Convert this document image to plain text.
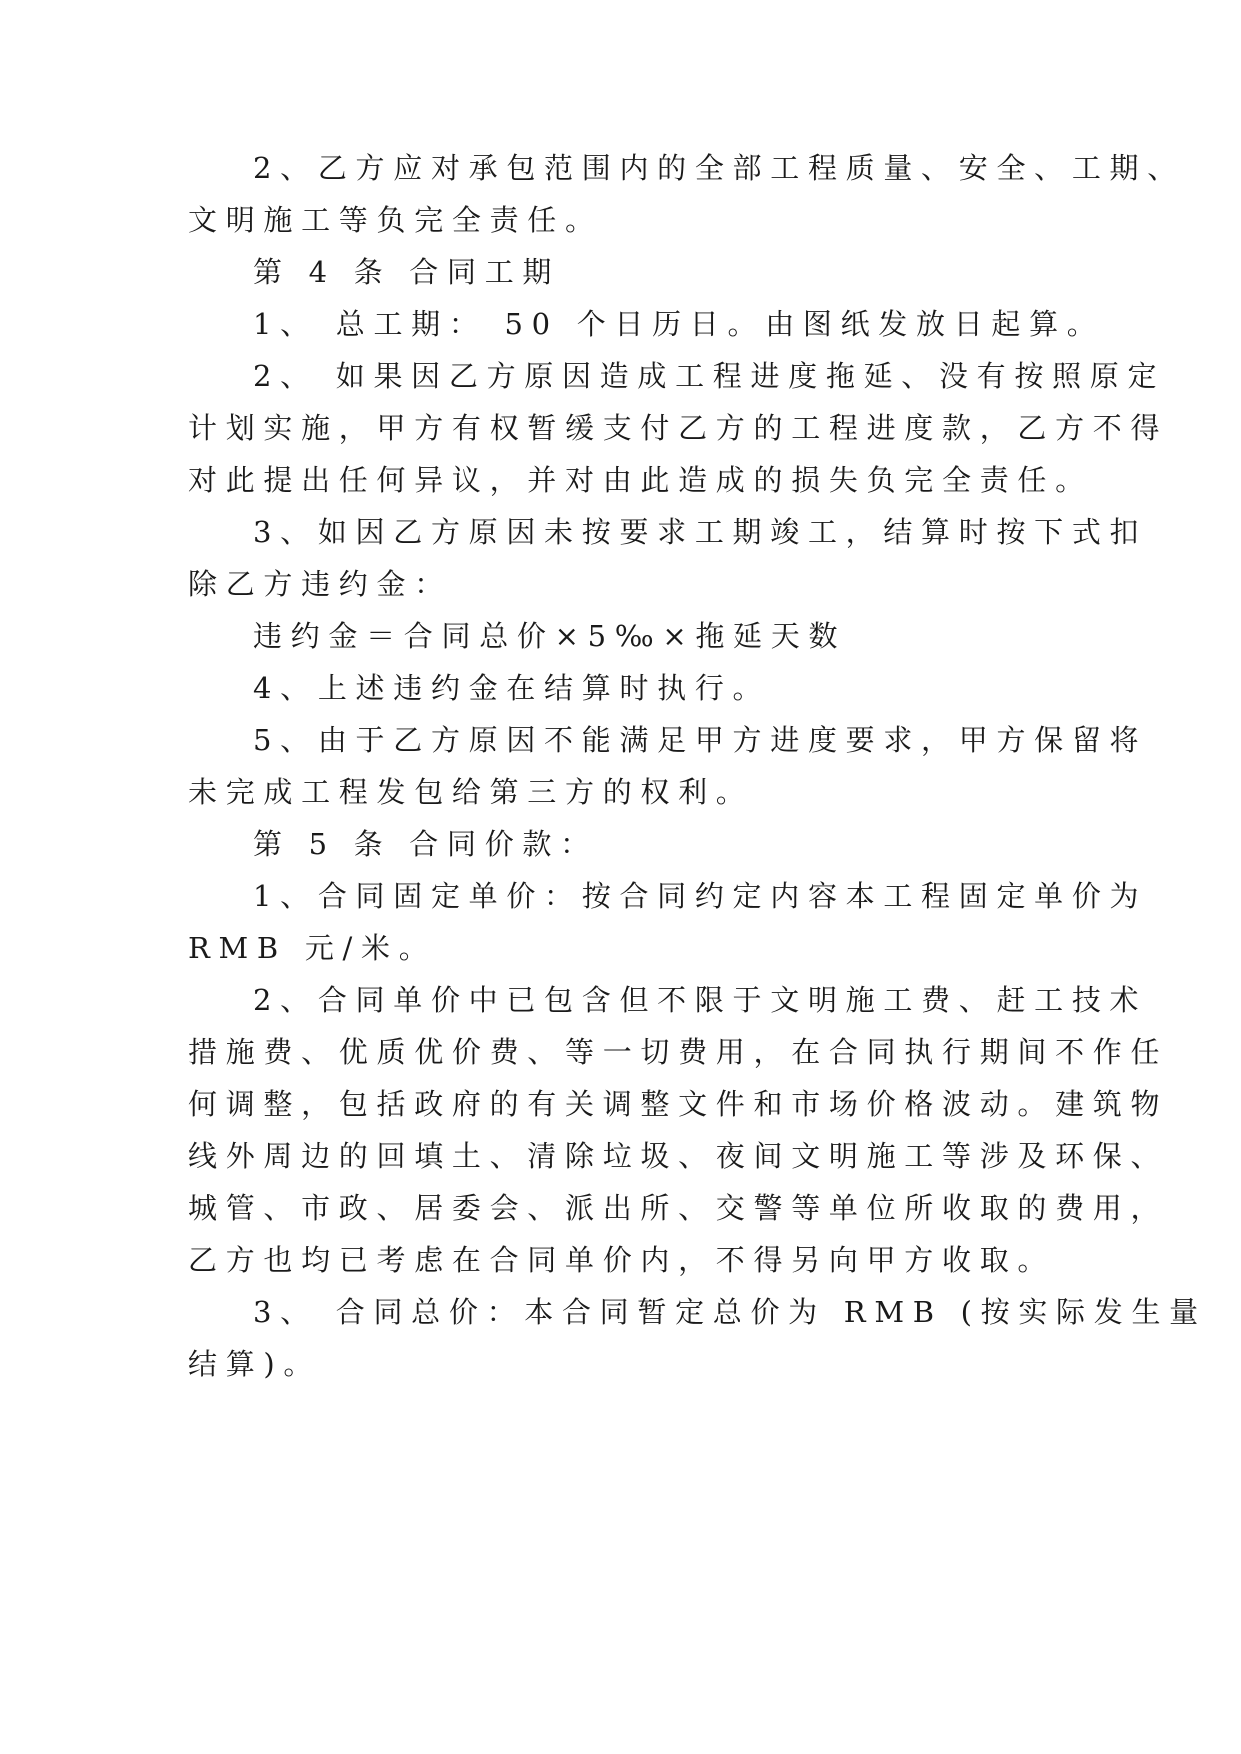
2、乙方应对承包范围内的全部工程质量、安全、工期、
文明施工等负完全责任。
第 4 条 合同工期
1、 总工期： 50 个日历日。由图纸发放日起算。
2、 如果因乙方原因造成工程进度拖延、没有按照原定
计划实施，甲方有权暂缓支付乙方的工程进度款，乙方不得
对此提出任何异议，并对由此造成的损失负完全责任。
3、如因乙方原因未按要求工期竣工，结算时按下式扣
除乙方违约金：
违约金＝合同总价×5‰×拖延天数
4、上述违约金在结算时执行。
5、由于乙方原因不能满足甲方进度要求，甲方保留将
未完成工程发包给第三方的权利。
第 5 条 合同价款：
1、合同固定单价：按合同约定内容本工程固定单价为
RMB 元/米。
2、合同单价中已包含但不限于文明施工费、赶工技术
措施费、优质优价费、等一切费用，在合同执行期间不作任
何调整，包括政府的有关调整文件和市场价格波动。建筑物
线外周边的回填土、清除垃圾、夜间文明施工等涉及环保、
城管、市政、居委会、派出所、交警等单位所收取的费用，
乙方也均已考虑在合同单价内，不得另向甲方收取。
3、 合同总价：本合同暂定总价为 RMB (按实际发生量
结算)。
